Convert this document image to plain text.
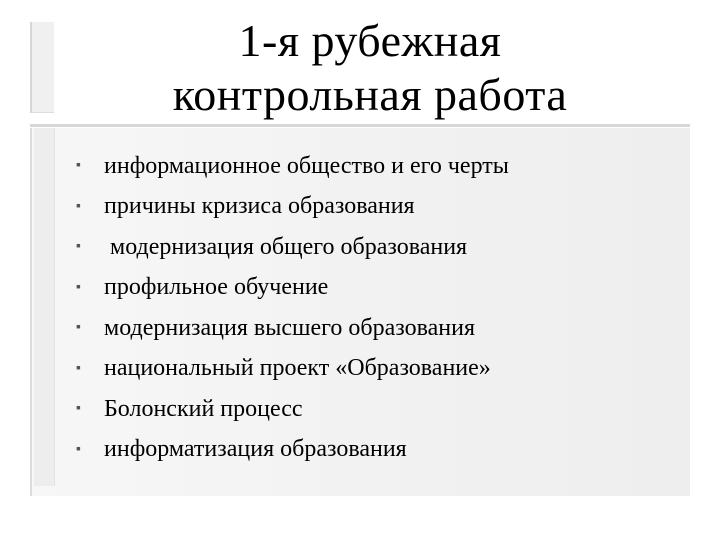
1-я рубежная
контрольная работа
▪
информационное общество и его черты
▪
причины кризиса образования
▪
модернизация общего образования
▪
профильное обучение
▪
модернизация высшего образования
▪
национальный проект «Образование»
▪
Болонский процесс
▪
информатизация образования
